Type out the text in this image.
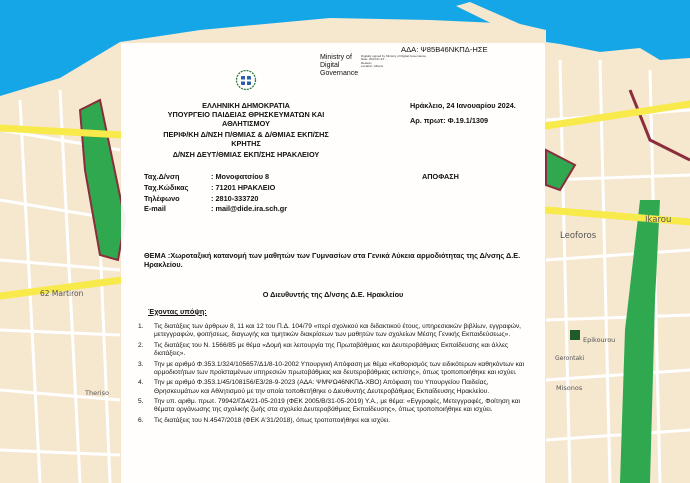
Leoforos
Ikarou
62 Martiron
Epikourou
Misonos
Gerontaki
Theriso
Ministry of
Digital
Governance
Digitally signed by Ministry of Digital Governance
Date: 2024.01.24 ...
Reason:
Location: Athens
ΑΔΑ: Ψ85Β46ΝΚΠΔ-ΗΣΕ
ΕΛΛΗΝΙΚΗ ΔΗΜΟΚΡΑΤΙΑ
ΥΠΟΥΡΓΕΙΟ ΠΑΙΔΕΙΑΣ ΘΡΗΣΚΕΥΜΑΤΩΝ ΚΑΙ
ΑΘΛΗΤΙΣΜΟΥ
ΠΕΡΙΦ/ΚΗ Δ/ΝΣΗ Π/ΘΜΙΑΣ & Δ/ΘΜΙΑΣ ΕΚΠ/ΣΗΣ
ΚΡΗΤΗΣ
Δ/ΝΣΗ ΔΕΥΤ/ΘΜΙΑΣ ΕΚΠ/ΣΗΣ ΗΡΑΚΛΕΙΟΥ
Ηράκλειο, 24 Ιανουαρίου 2024.
Αρ. πρωτ: Φ.19.1/1309
Ταχ.Δ/νση	: Μονοφατσίου 8
Ταχ.Κώδικας	: 71201 ΗΡΑΚΛΕΙΟ
Τηλέφωνο	: 2810-333720
E-mail	: mail@dide.ira.sch.gr
ΑΠΟΦΑΣΗ
ΘΕΜΑ :Χωροταξική κατανομή των μαθητών των Γυμνασίων στα Γενικά Λύκεια αρμοδιότητας της Δ/νσης Δ.Ε. Ηρακλείου.
Ο Διευθυντής της Δ/νσης Δ.Ε. Ηρακλείου
Έχοντας υπόψη:
1. Τις διατάξεις των άρθρων 8, 11 και 12 του Π.Δ. 104/79 «περί σχολικού και διδακτικού έτους, υπηρεσιακών βιβλίων, εγγραφών, μετεγγραφών, φοιτήσεως, διαγωγής και τιμητικών διακρίσεων των μαθητών των σχολείων Μέσης Γενικής Εκπαιδεύσεως».
2. Τις διατάξεις του Ν. 1566/85 με θέμα «Δομή και λειτουργία της Πρωτοβάθμιας και Δευτεροβάθμιας Εκπαίδευσης και άλλες διατάξεις».
3. Την με αριθμό Φ.353.1/324/105657/Δ1/8-10-2002 Υπουργική Απόφαση με θέμα «Καθορισμός των ειδικότερων καθηκόντων και αρμοδιοτήτων των προϊσταμένων υπηρεσιών πρωτοβάθμιας και δευτεροβάθμιας εκπ/σης», όπως τροποποιήθηκε και ισχύει.
4. Την με αριθμό Φ.353.1/45/108156/Ε3/28-9-2023 (ΑΔΑ: ΨΜΨΩ46ΝΚΠΔ-ΧΒΟ) Απόφαση του Υπουργείου Παιδείας, Θρησκευμάτων και Αθλητισμού με την οποία τοποθετήθηκε ο Διευθυντής Δευτεροβάθμιας Εκπαίδευσης Ηρακλείου.
5. Την υπ. αριθμ. πρωτ. 79942/ΓΔ4/21-05-2019 (ΦΕΚ 2005/Β/31-05-2019) Υ.Α., με θέμα: «Εγγραφές, Μετεγγραφές, Φοίτηση και θέματα οργάνωσης της σχολικής ζωής στα σχολεία Δευτεροβάθμιας Εκπαίδευσης», όπως τροποποιήθηκε και ισχύει.
6. Τις διατάξεις του Ν.4547/2018 (ΦΕΚ Α'31/2018), όπως τροποποιήθηκε και ισχύει.
